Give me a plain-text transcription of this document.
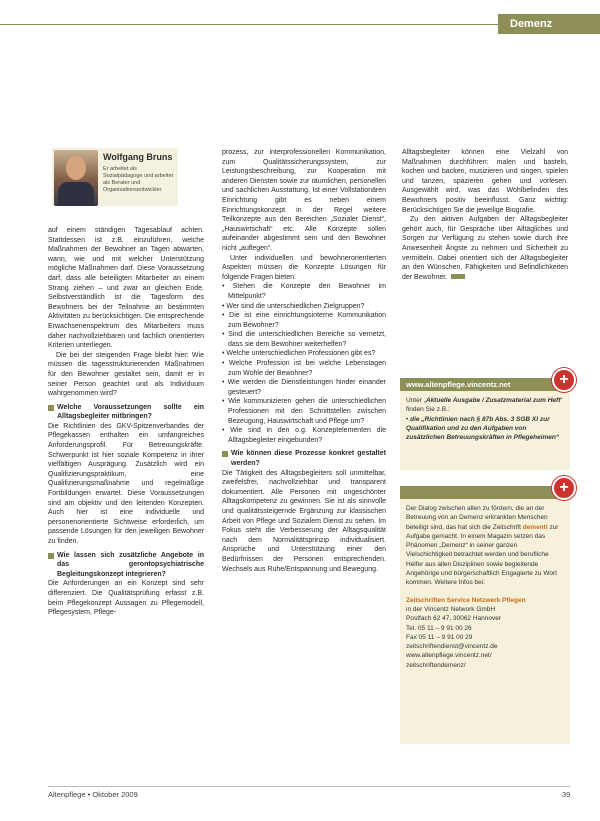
Demenz
Wolfgang Bruns
Er arbeitet als Sozialpädagoge und arbeitet als Berater und Organisationsentwickler.

auf einem ständigen Tagesablauf achten. Stattdessen ist z.B. einzuführen, welche Maßnahmen der Bewohner an Tagen abwarten, wann, wie und mit welcher Unterstützung mögliche Maßnahmen darf. Diese Voraussetzung darf, dass alle beteiligten Mitarbeiter an einem Strang ziehen – und zwar an gleichen Ende. Selbstverständlich ist die Tagesform des Bewohners bei der Teilnahme an bestimmten Aktivitäten zu berücksichtigen. Die entsprechende Erwachsenenspektrum des Mitarbeiters muss daher nachvollziehbaren und fachlich orientierten Kriterien unterliegen.

Die bei der steigenden Frage bleibt hier: Wie müssen die tagesstrukturierenden Maßnahmen für den Bewohner gestaltet sein, damit er in seiner Person geachtet und als Individuum wahrgenommen wird?

Welche Voraussetzungen sollte ein Alltagsbegleiter mitbringen?

Die Richtlinien des GKV-Spitzenverbandes der Pflegekassen enthalten ein umfangreiches Anforderungsprofil. Für Betreuungskräfte. Schwerpunkt ist hier soziale Kompetenz in ihrer vielfältigen Ausprägung. Zusätzlich wird ein Qualifizierungspraktikum, eine Qualifizierungsmaßnahme und regelmäßige Fortbildungen erwartet. Diese Voraussetzungen sind am objektiv und den leitenden Konzepten. Auch hier ist eine individuelle und personenorientierte Sichtweise erforderlich, um passende Lösungen für den jeweiligen Bewohner zu finden.

Wie lassen sich zusätzliche Angebote in das gerontopsychiatrische Begleitungskonzept integrieren?

Die Anforderungen an ein Konzept sind sehr differenziert. Die Qualitätsprüfung erfasst z.B. beim Pflegekonzept Aussagen zu Pflegemodell, Pflegesystem, Pflege-

prozess, zur interprofessionellen Kommunikation, zum Qualitätssicherungssystem, zur Leistungsbeschreibung, zur Kooperation mit anderen Diensten sowie zur räumlichen, personellen und sachlichen Ausstattung. Ist einer Vollstationären Einrichtung gibt es neben einem Einrichtungskonzept in der Regel weitere Teilkonzepte aus den Bereichen „Sozialer Dienst“, „Hauswirtschaft“ etc. Alle Konzepte sollen aufeinander abgestimmt sein und den Bewohner nicht „auflegen“.

Unter individuellen und bewohnerorientierten Aspekten müssen die Konzepte Lösungen für folgende Fragen bieten:

• Stehen die Konzepte den Bewohner im Mittelpunkt?
• Wer sind die unterschiedlichen Zielgruppen?
• Die ist eine einrichtungsinterne Kommunikation zum Bewohner?
• Sind die unterschiedlichen Bereiche so vernetzt, dass sie dem Bewohner weiterhelfen?
• Welche unterschiedlichen Professionen gibt es?
• Welche Profession ist bei welche Lebenstagen zum Wohle der Bewohner?
• Wie werden die Dienstleistungen hinder einander gesteuert?
• Wie kommunizieren gehen die unterschiedlichen Professionen mit den Schnittstellen zwischen Bezeugung, Hauswirtschaft und Pflege um?
• Wie sind in den o.g. Konzeptelementen die Alltagsbegleiter eingebunden?
Wie können diese Prozesse konkret gestaltet werden?

Die Tätigkeit des Alltagsbegleiters soll unmittelbar, zweifelsfrei, nachvollziehbar und transparent dokumentiert. Alle Personen mit ungeschönter Alltagskompetenz zu gewinnen. Sie ist als sinnvolle und qualitätssteigernde Ergänzung zur klassischen Arbeit von Pflege und Sozialem Dienst zu sehen. Im Fokus steht die Verbesserung der Alltagsqualität nach dem Normalitätsprinzip individualisiert. Ansprüche und Unterstützung einer den Bedürfnissen der Personen entsprechenden. Wechsels aus Ruhe/Entspannung und Bewegung.

Alltagsbegleiter können eine Vielzahl von Maßnahmen durchführen: malen und basteln, kochen und backen, musizieren und singen, spielen und tanzen, spazieren gehen und vorlesen. Ausgewählt wird, was das Wohlbefinden des Bewohners positiv beeinflusst. Ganz wichtig: Berücksichtigen Sie die jeweilige Biografie.

Zu den aktiven Aufgaben der Alltagsbegleiter gehört auch, für Gespräche über Alltägliches und Sorgen zur Verfügung zu stehen sowie durch ihre Anwesenheit Ängste zu nehmen und Sicherheit zu vermitteln. Dabei orientiert sich der Alltagsbegleiter an den Wünschen, Fähigkeiten und Befindlichkeiten der Bewohner.

www.altenpflege.vincentz.net
Unter „Aktuelle Ausgabe / Zusatzmaterial zum Heft“ finden Sie z.B.:
• die „Richtlinien nach § 87b Abs. 3 SGB XI zur Qualifikation und zu den Aufgaben von zusätzlichen Betreuungskräften in Pflegeheimen“
+
Der Dialog zwischen allen zu fördern, die an der Betreuung von an Demenz erkrankten Menschen beteiligt sind, das hat sich die Zeitschrift dementi zur Aufgabe gemacht. In einem Magazin setzen das Phänomen „Demenz“ in seiner ganzen Vielschichtigkeit betrachtet werden und berufliche Helfer aus allen Disziplinen sowie begleitende Angehörige und bürgerschaftlich Engagierte zu Wort kommen. Weitere Infos bei:
Zeitschriften Service Netzwerk Pflegen
in der Vincentz Network GmbH
Postfach 62 47, 30062 Hannover
Tel. 05 11 – 9 91 00 26
Fax 05 11 – 9 91 00 29
zeitschriftendienst@vincentz.de
www.altenpflege.vincentz.net/
zeitschriftendemenz/
+
Altenpflege • Oktober 2009	39
